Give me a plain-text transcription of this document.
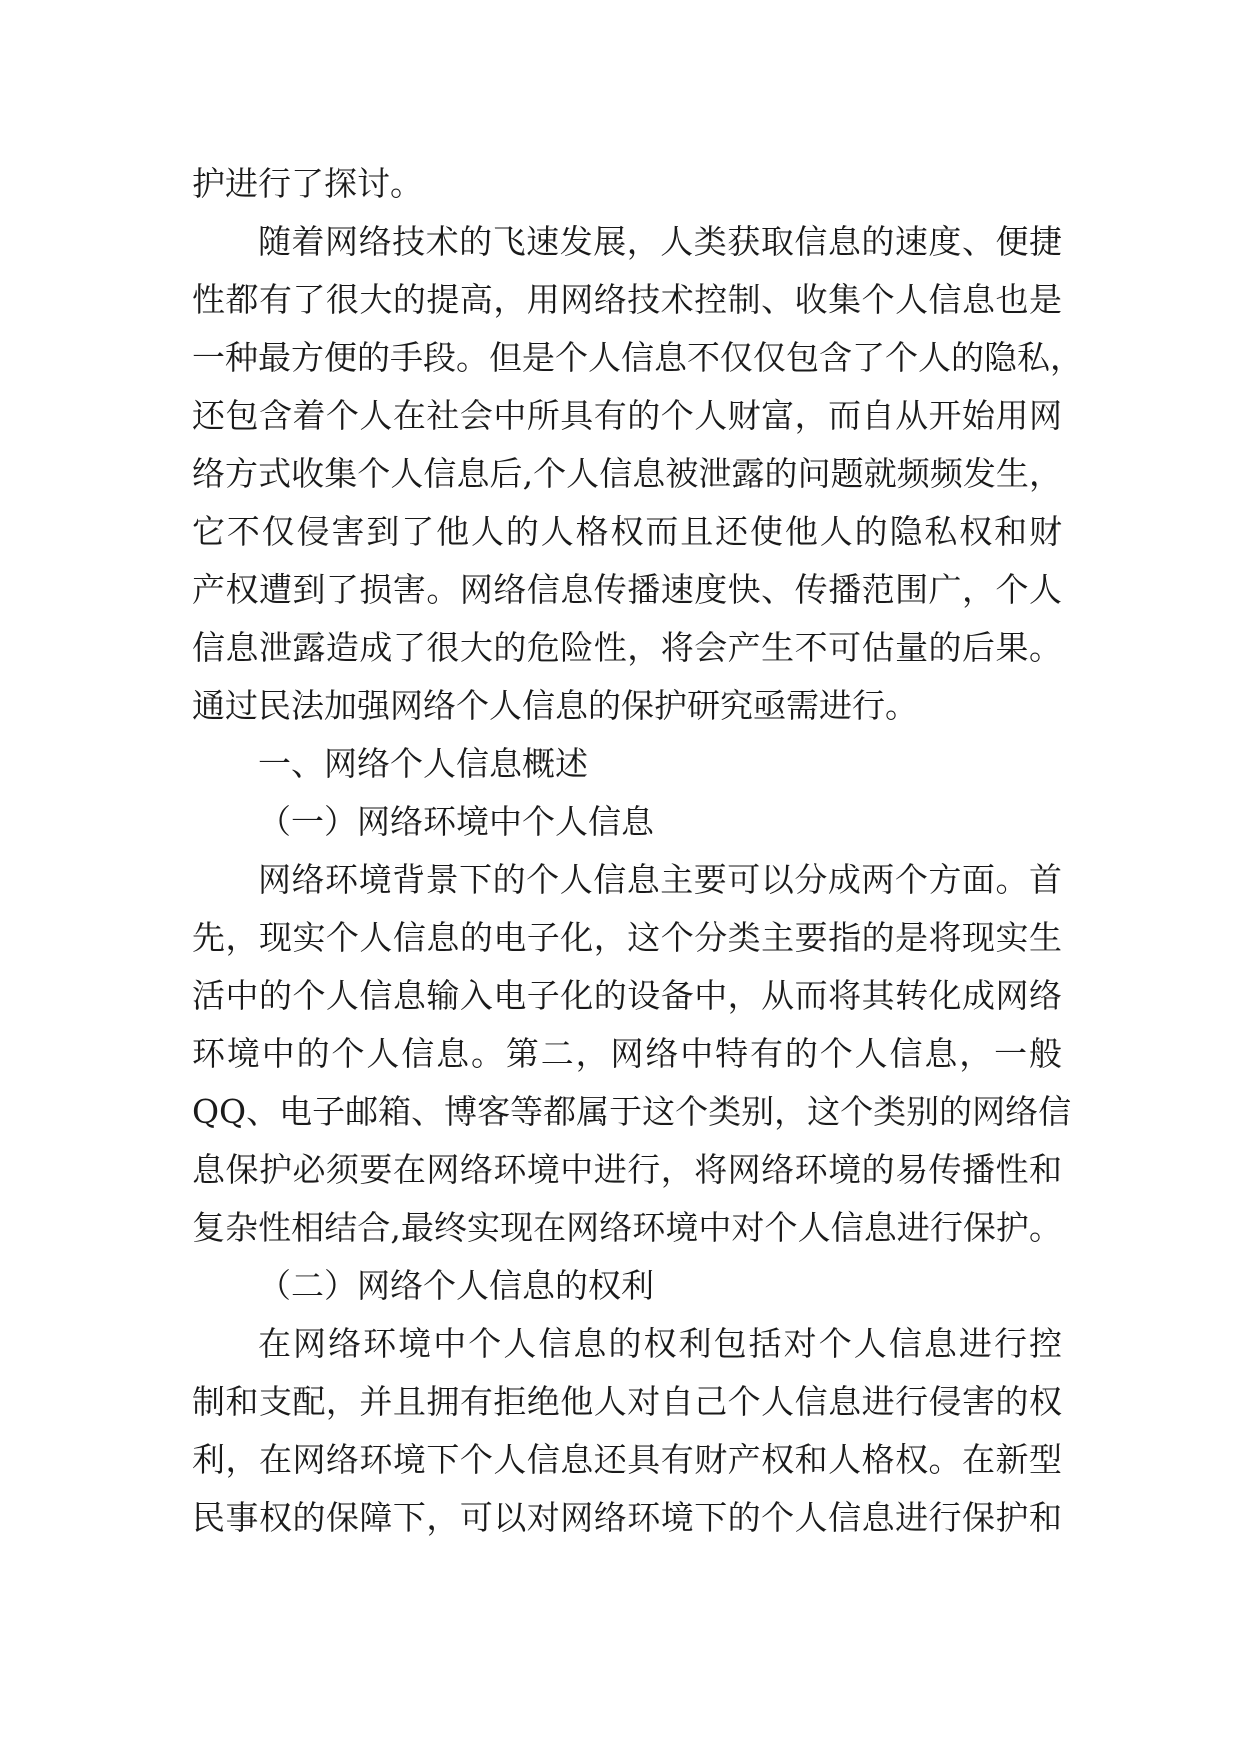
护进行了探讨。
随着网络技术的飞速发展，人类获取信息的速度、便捷
性都有了很大的提高，用网络技术控制、收集个人信息也是
一种最方便的手段。但是个人信息不仅仅包含了个人的隐私，
还包含着个人在社会中所具有的个人财富，而自从开始用网
络方式收集个人信息后,个人信息被泄露的问题就频频发生，
它不仅侵害到了他人的人格权而且还使他人的隐私权和财
产权遭到了损害。网络信息传播速度快、传播范围广，个人
信息泄露造成了很大的危险性，将会产生不可估量的后果。
通过民法加强网络个人信息的保护研究亟需进行。
一、网络个人信息概述
（一）网络环境中个人信息
网络环境背景下的个人信息主要可以分成两个方面。首
先，现实个人信息的电子化，这个分类主要指的是将现实生
活中的个人信息输入电子化的设备中，从而将其转化成网络
环境中的个人信息。第二，网络中特有的个人信息，一般
QQ、电子邮箱、博客等都属于这个类别，这个类别的网络信
息保护必须要在网络环境中进行，将网络环境的易传播性和
复杂性相结合,最终实现在网络环境中对个人信息进行保护。
（二）网络个人信息的权利
在网络环境中个人信息的权利包括对个人信息进行控
制和支配，并且拥有拒绝他人对自己个人信息进行侵害的权
利，在网络环境下个人信息还具有财产权和人格权。在新型
民事权的保障下，可以对网络环境下的个人信息进行保护和
